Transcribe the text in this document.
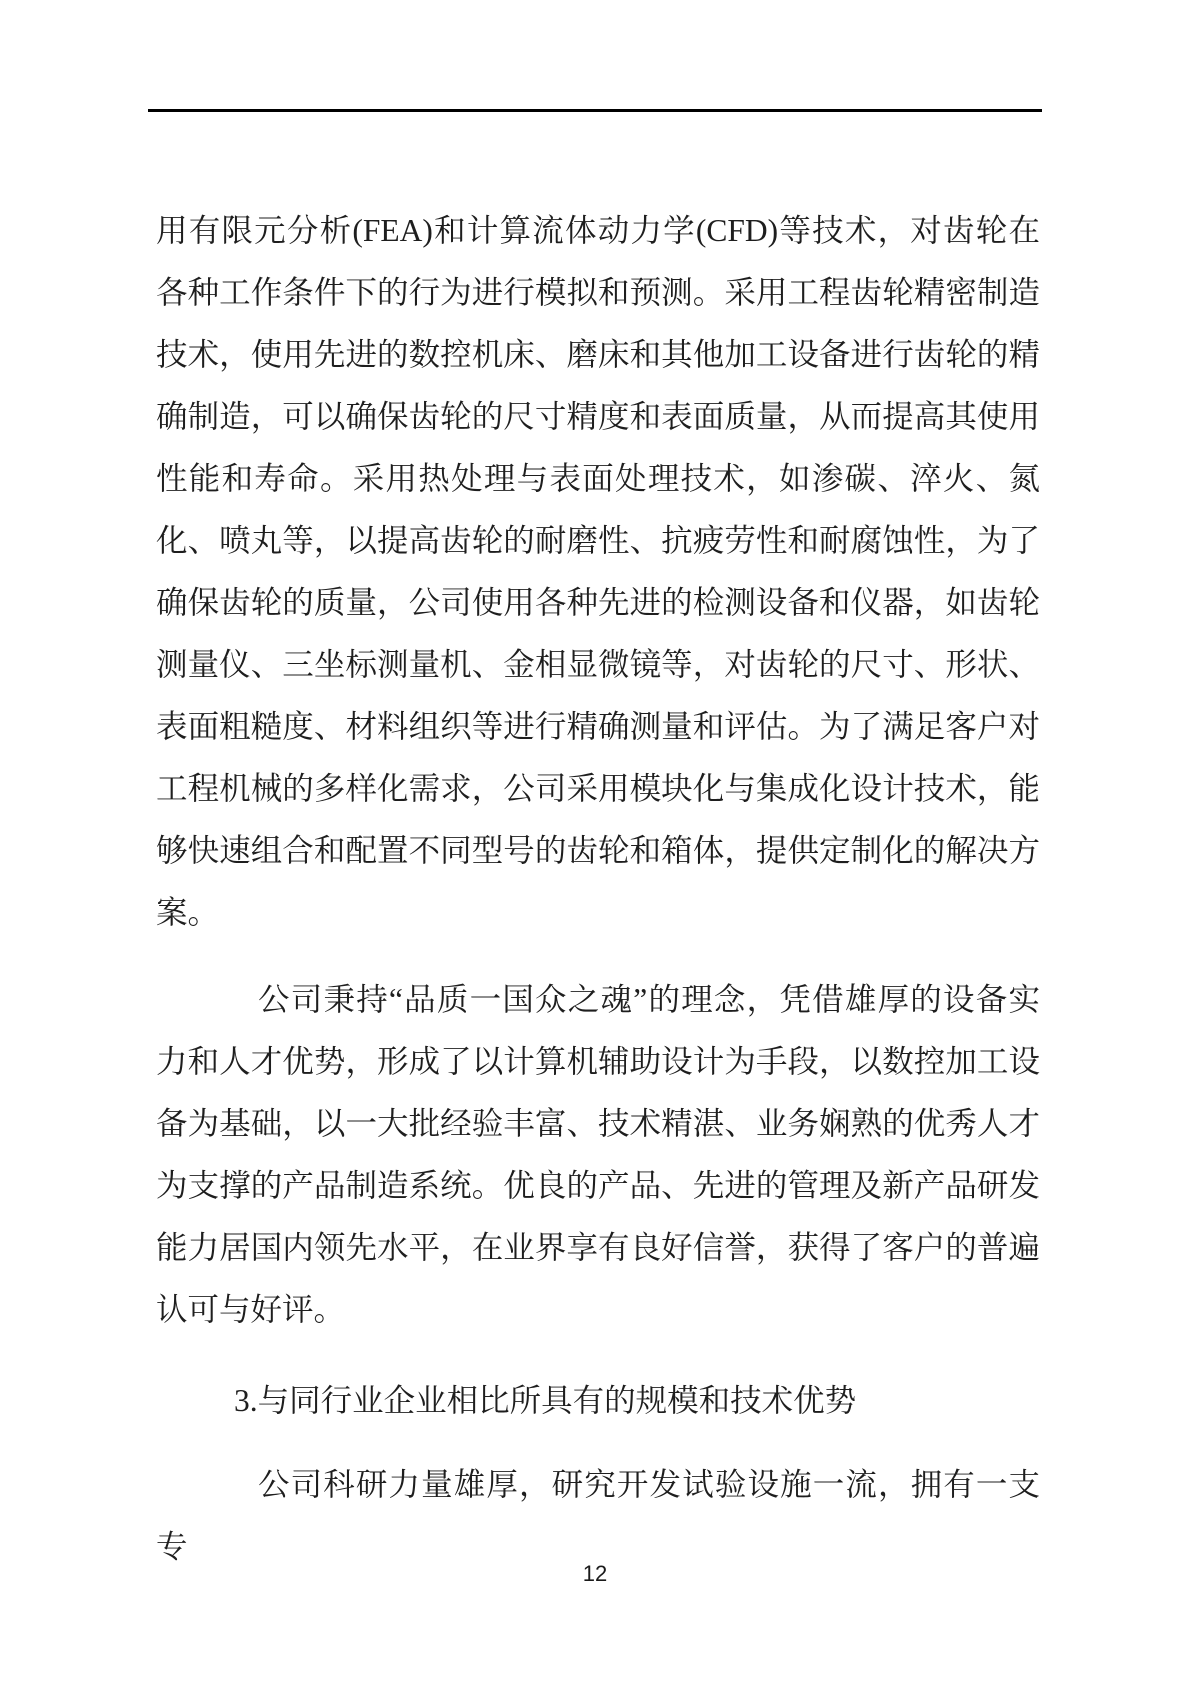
用有限元分析(FEA)和计算流体动力学(CFD)等技术，对齿轮在各种工作条件下的行为进行模拟和预测。采用工程齿轮精密制造技术，使用先进的数控机床、磨床和其他加工设备进行齿轮的精确制造，可以确保齿轮的尺寸精度和表面质量，从而提高其使用性能和寿命。采用热处理与表面处理技术，如渗碳、淬火、氮化、喷丸等，以提高齿轮的耐磨性、抗疲劳性和耐腐蚀性，为了确保齿轮的质量，公司使用各种先进的检测设备和仪器，如齿轮测量仪、三坐标测量机、金相显微镜等，对齿轮的尺寸、形状、表面粗糙度、材料组织等进行精确测量和评估。为了满足客户对工程机械的多样化需求，公司采用模块化与集成化设计技术，能够快速组合和配置不同型号的齿轮和箱体，提供定制化的解决方案。

公司秉持“品质一国众之魂”的理念，凭借雄厚的设备实力和人才优势，形成了以计算机辅助设计为手段，以数控加工设备为基础，以一大批经验丰富、技术精湛、业务娴熟的优秀人才为支撑的产品制造系统。优良的产品、先进的管理及新产品研发能力居国内领先水平，在业界享有良好信誉，获得了客户的普遍认可与好评。

3.与同行业企业相比所具有的规模和技术优势

公司科研力量雄厚，研究开发试验设施一流，拥有一支专

12
